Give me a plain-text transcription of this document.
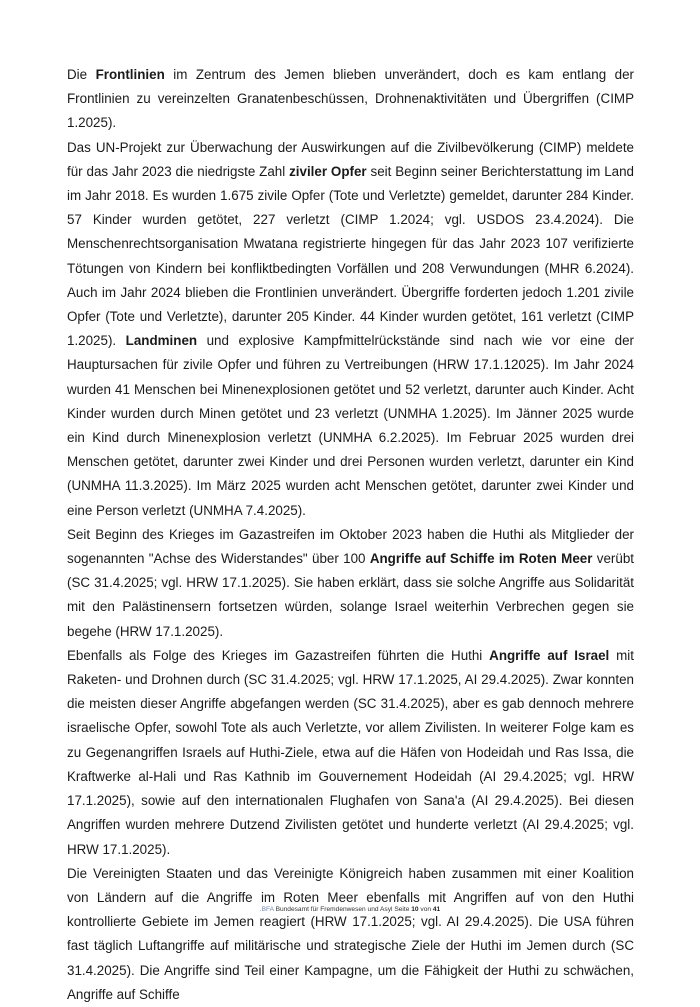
Die Frontlinien im Zentrum des Jemen blieben unverändert, doch es kam entlang der Frontlinien zu vereinzelten Granatenbeschüssen, Drohnenaktivitäten und Übergriffen (CIMP 1.2025).

Das UN-Projekt zur Überwachung der Auswirkungen auf die Zivilbevölkerung (CIMP) meldete für das Jahr 2023 die niedrigste Zahl ziviler Opfer seit Beginn seiner Berichterstattung im Land im Jahr 2018. Es wurden 1.675 zivile Opfer (Tote und Verletzte) gemeldet, darunter 284 Kinder. 57 Kinder wurden getötet, 227 verletzt (CIMP 1.2024; vgl. USDOS 23.4.2024). Die Menschenrechtsorganisation Mwatana registrierte hingegen für das Jahr 2023 107 verifizierte Tötungen von Kindern bei konfliktbedingten Vorfällen und 208 Verwundungen (MHR 6.2024). Auch im Jahr 2024 blieben die Frontlinien unverändert. Übergriffe forderten jedoch 1.201 zivile Opfer (Tote und Verletzte), darunter 205 Kinder. 44 Kinder wurden getötet, 161 verletzt (CIMP 1.2025). Landminen und explosive Kampfmittelrückstände sind nach wie vor eine der Hauptursachen für zivile Opfer und führen zu Vertreibungen (HRW 17.1.12025). Im Jahr 2024 wurden 41 Menschen bei Minenexplosionen getötet und 52 verletzt, darunter auch Kinder. Acht Kinder wurden durch Minen getötet und 23 verletzt (UNMHA 1.2025). Im Jänner 2025 wurde ein Kind durch Minenexplosion verletzt (UNMHA 6.2.2025). Im Februar 2025 wurden drei Menschen getötet, darunter zwei Kinder und drei Personen wurden verletzt, darunter ein Kind (UNMHA 11.3.2025). Im März 2025 wurden acht Menschen getötet, darunter zwei Kinder und eine Person verletzt (UNMHA 7.4.2025).

Seit Beginn des Krieges im Gazastreifen im Oktober 2023 haben die Huthi als Mitglieder der sogenannten "Achse des Widerstandes" über 100 Angriffe auf Schiffe im Roten Meer verübt (SC 31.4.2025; vgl. HRW 17.1.2025). Sie haben erklärt, dass sie solche Angriffe aus Solidarität mit den Palästinensern fortsetzen würden, solange Israel weiterhin Verbrechen gegen sie begehe (HRW 17.1.2025).

Ebenfalls als Folge des Krieges im Gazastreifen führten die Huthi Angriffe auf Israel mit Raketen- und Drohnen durch (SC 31.4.2025; vgl. HRW 17.1.2025, AI 29.4.2025). Zwar konnten die meisten dieser Angriffe abgefangen werden (SC 31.4.2025), aber es gab dennoch mehrere israelische Opfer, sowohl Tote als auch Verletzte, vor allem Zivilisten. In weiterer Folge kam es zu Gegenangriffen Israels auf Huthi-Ziele, etwa auf die Häfen von Hodeidah und Ras Issa, die Kraftwerke al-Hali und Ras Kathnib im Gouvernement Hodeidah (AI 29.4.2025; vgl. HRW 17.1.2025), sowie auf den internationalen Flughafen von Sana'a (AI 29.4.2025). Bei diesen Angriffen wurden mehrere Dutzend Zivilisten getötet und hunderte verletzt (AI 29.4.2025; vgl. HRW 17.1.2025).

Die Vereinigten Staaten und das Vereinigte Königreich haben zusammen mit einer Koalition von Ländern auf die Angriffe im Roten Meer ebenfalls mit Angriffen auf von den Huthi kontrollierte Gebiete im Jemen reagiert (HRW 17.1.2025; vgl. AI 29.4.2025). Die USA führen fast täglich Luftangriffe auf militärische und strategische Ziele der Huthi im Jemen durch (SC 31.4.2025). Die Angriffe sind Teil einer Kampagne, um die Fähigkeit der Huthi zu schwächen, Angriffe auf Schiffe

.BFA Bundesamt für Fremdenwesen und Asyl Seite 10 von 41
